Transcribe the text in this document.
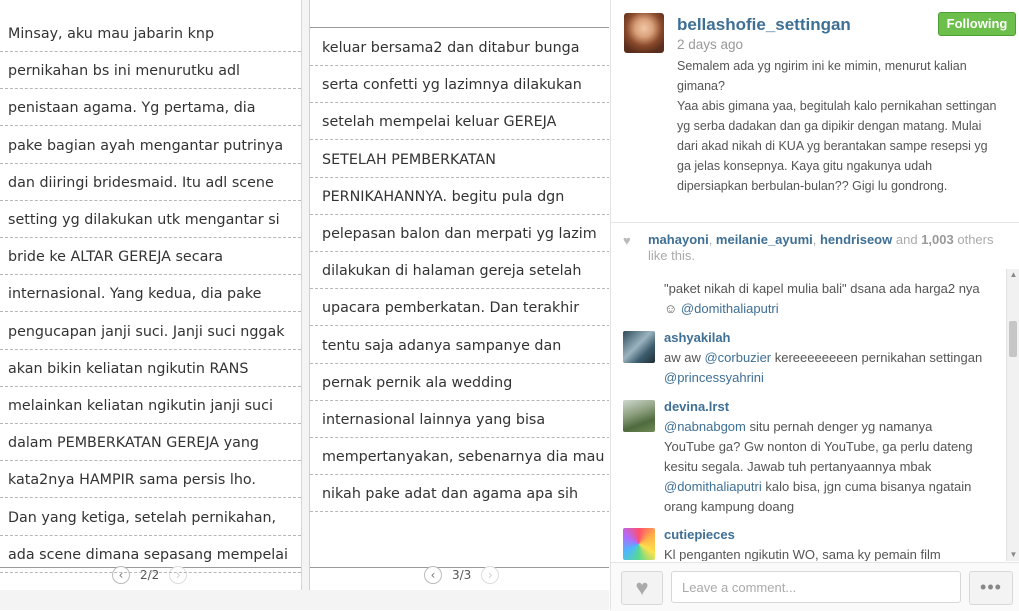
‹	2/2	›
Minsay, aku mau jabarin knp
pernikahan bs ini menurutku adl
penistaan agama. Yg pertama, dia
pake bagian ayah mengantar putrinya
dan diiringi bridesmaid. Itu adl scene
setting yg dilakukan utk mengantar si
bride ke ALTAR GEREJA secara
internasional. Yang kedua, dia pake
pengucapan janji suci. Janji suci nggak
akan bikin keliatan ngikutin RANS
melainkan keliatan ngikutin janji suci
dalam PEMBERKATAN GEREJA yang
kata2nya HAMPIR sama persis lho.
Dan yang ketiga, setelah pernikahan,
ada scene dimana sepasang mempelai
‹	3/3	›
keluar bersama2 dan ditabur bunga
serta confetti yg lazimnya dilakukan
setelah mempelai keluar GEREJA
SETELAH PEMBERKATAN
PERNIKAHANNYA. begitu pula dgn
pelepasan balon dan merpati yg lazim
dilakukan di halaman gereja setelah
upacara pemberkatan. Dan terakhir
tentu saja adanya sampanye dan
pernak pernik ala wedding
internasional lainnya yang bisa
mempertanyakan, sebenarnya dia mau
nikah pake adat dan agama apa sih
bellashofie_settingan	Following
2 days ago

Semalem ada yg ngirim ini ke mimin, menurut kalian gimana?

Yaa abis gimana yaa, begitulah kalo pernikahan settingan yg serba dadakan dan ga dipikir dengan matang. Mulai dari akad nikah di KUA yg berantakan sampe resepsi yg ga jelas konsepnya. Kaya gitu ngakunya udah dipersiapkan berbulan-bulan?? Gigi lu gondrong.

♥ mahayoni, meilanie_ayumi, hendriseow and 1,003 others like this.
"paket nikah di kapel mulia bali" dsana ada harga2 nya
☺ @domithaliaputri
ashyakilah
aw aw @corbuzier kereeeeeeeen pernikahan settingan @princessyahrini
devina.lrst
@nabnabgom situ pernah denger yg namanya YouTube ga? Gw nonton di YouTube, ga perlu dateng kesitu segala. Jawab tuh pertanyaannya mbak @domithaliaputri kalo bisa, jgn cuma bisanya ngatain orang kampung doang
cutiepieces
Kl penganten ngikutin WO, sama ky pemain film
▲
▼
♥
Leave a comment...	•••
